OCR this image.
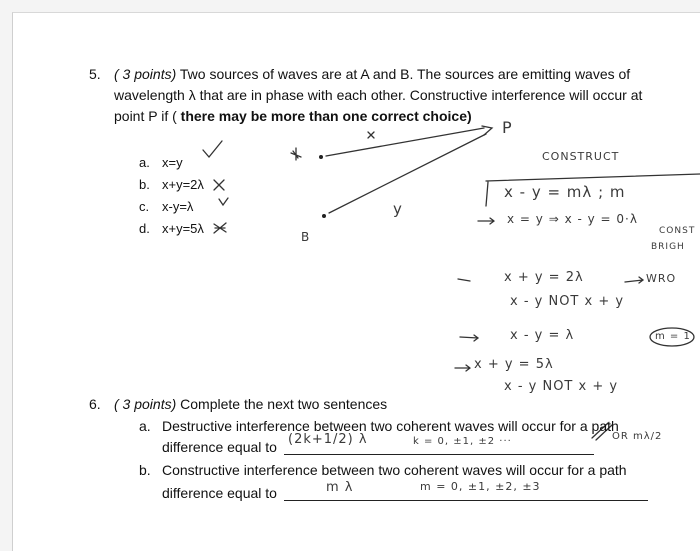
5. ( 3 points) Two sources of waves are at A and B. The sources are emitting waves of
wavelength λ that are in phase with each other. Constructive interference will occur at
point P if ( there may be more than one correct choice)
a. x=y
b. x+y=2λ
c. x-y=λ
d. x+y=5λ
P
B
y
CONSTRUCT
x - y = mλ ; m
x = y ⇒ x - y = 0·λ
CONST
BRIGH
x + y = 2λ	WRO
x - y NOT x + y
x - y = λ	m = 1
x + y = 5λ
x - y NOT x + y
6. ( 3 points) Complete the next two sentences
a. Destructive interference between two coherent waves will occur for a path
difference equal to (2k+1/2) λ	k = 0, ±1, ±2 ···	OR mλ/2
b. Constructive interference between two coherent waves will occur for a path
difference equal to	m λ	m = 0, ±1, ±2, ±3
